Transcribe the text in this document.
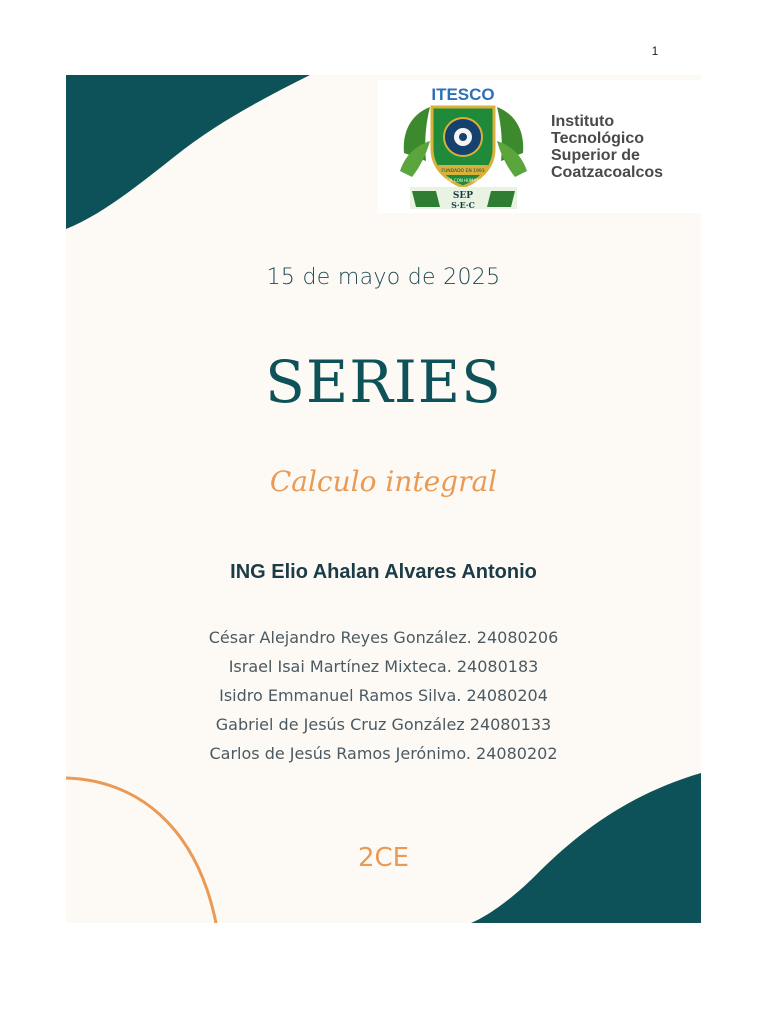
1
ITESCO
FUNDADO EN 1993
CIENCIA CON HUMANISMO
SEP
S·E·C
Instituto
Tecnológico
Superior de
Coatzacoalcos
15 de mayo de 2025
SERIES
Calculo integral
ING Elio Ahalan Alvares Antonio
César Alejandro Reyes González. 24080206
Israel Isai Martínez Mixteca. 24080183
Isidro Emmanuel Ramos Silva. 24080204
Gabriel de Jesús Cruz González 24080133
Carlos de Jesús Ramos Jerónimo. 24080202
2CE
